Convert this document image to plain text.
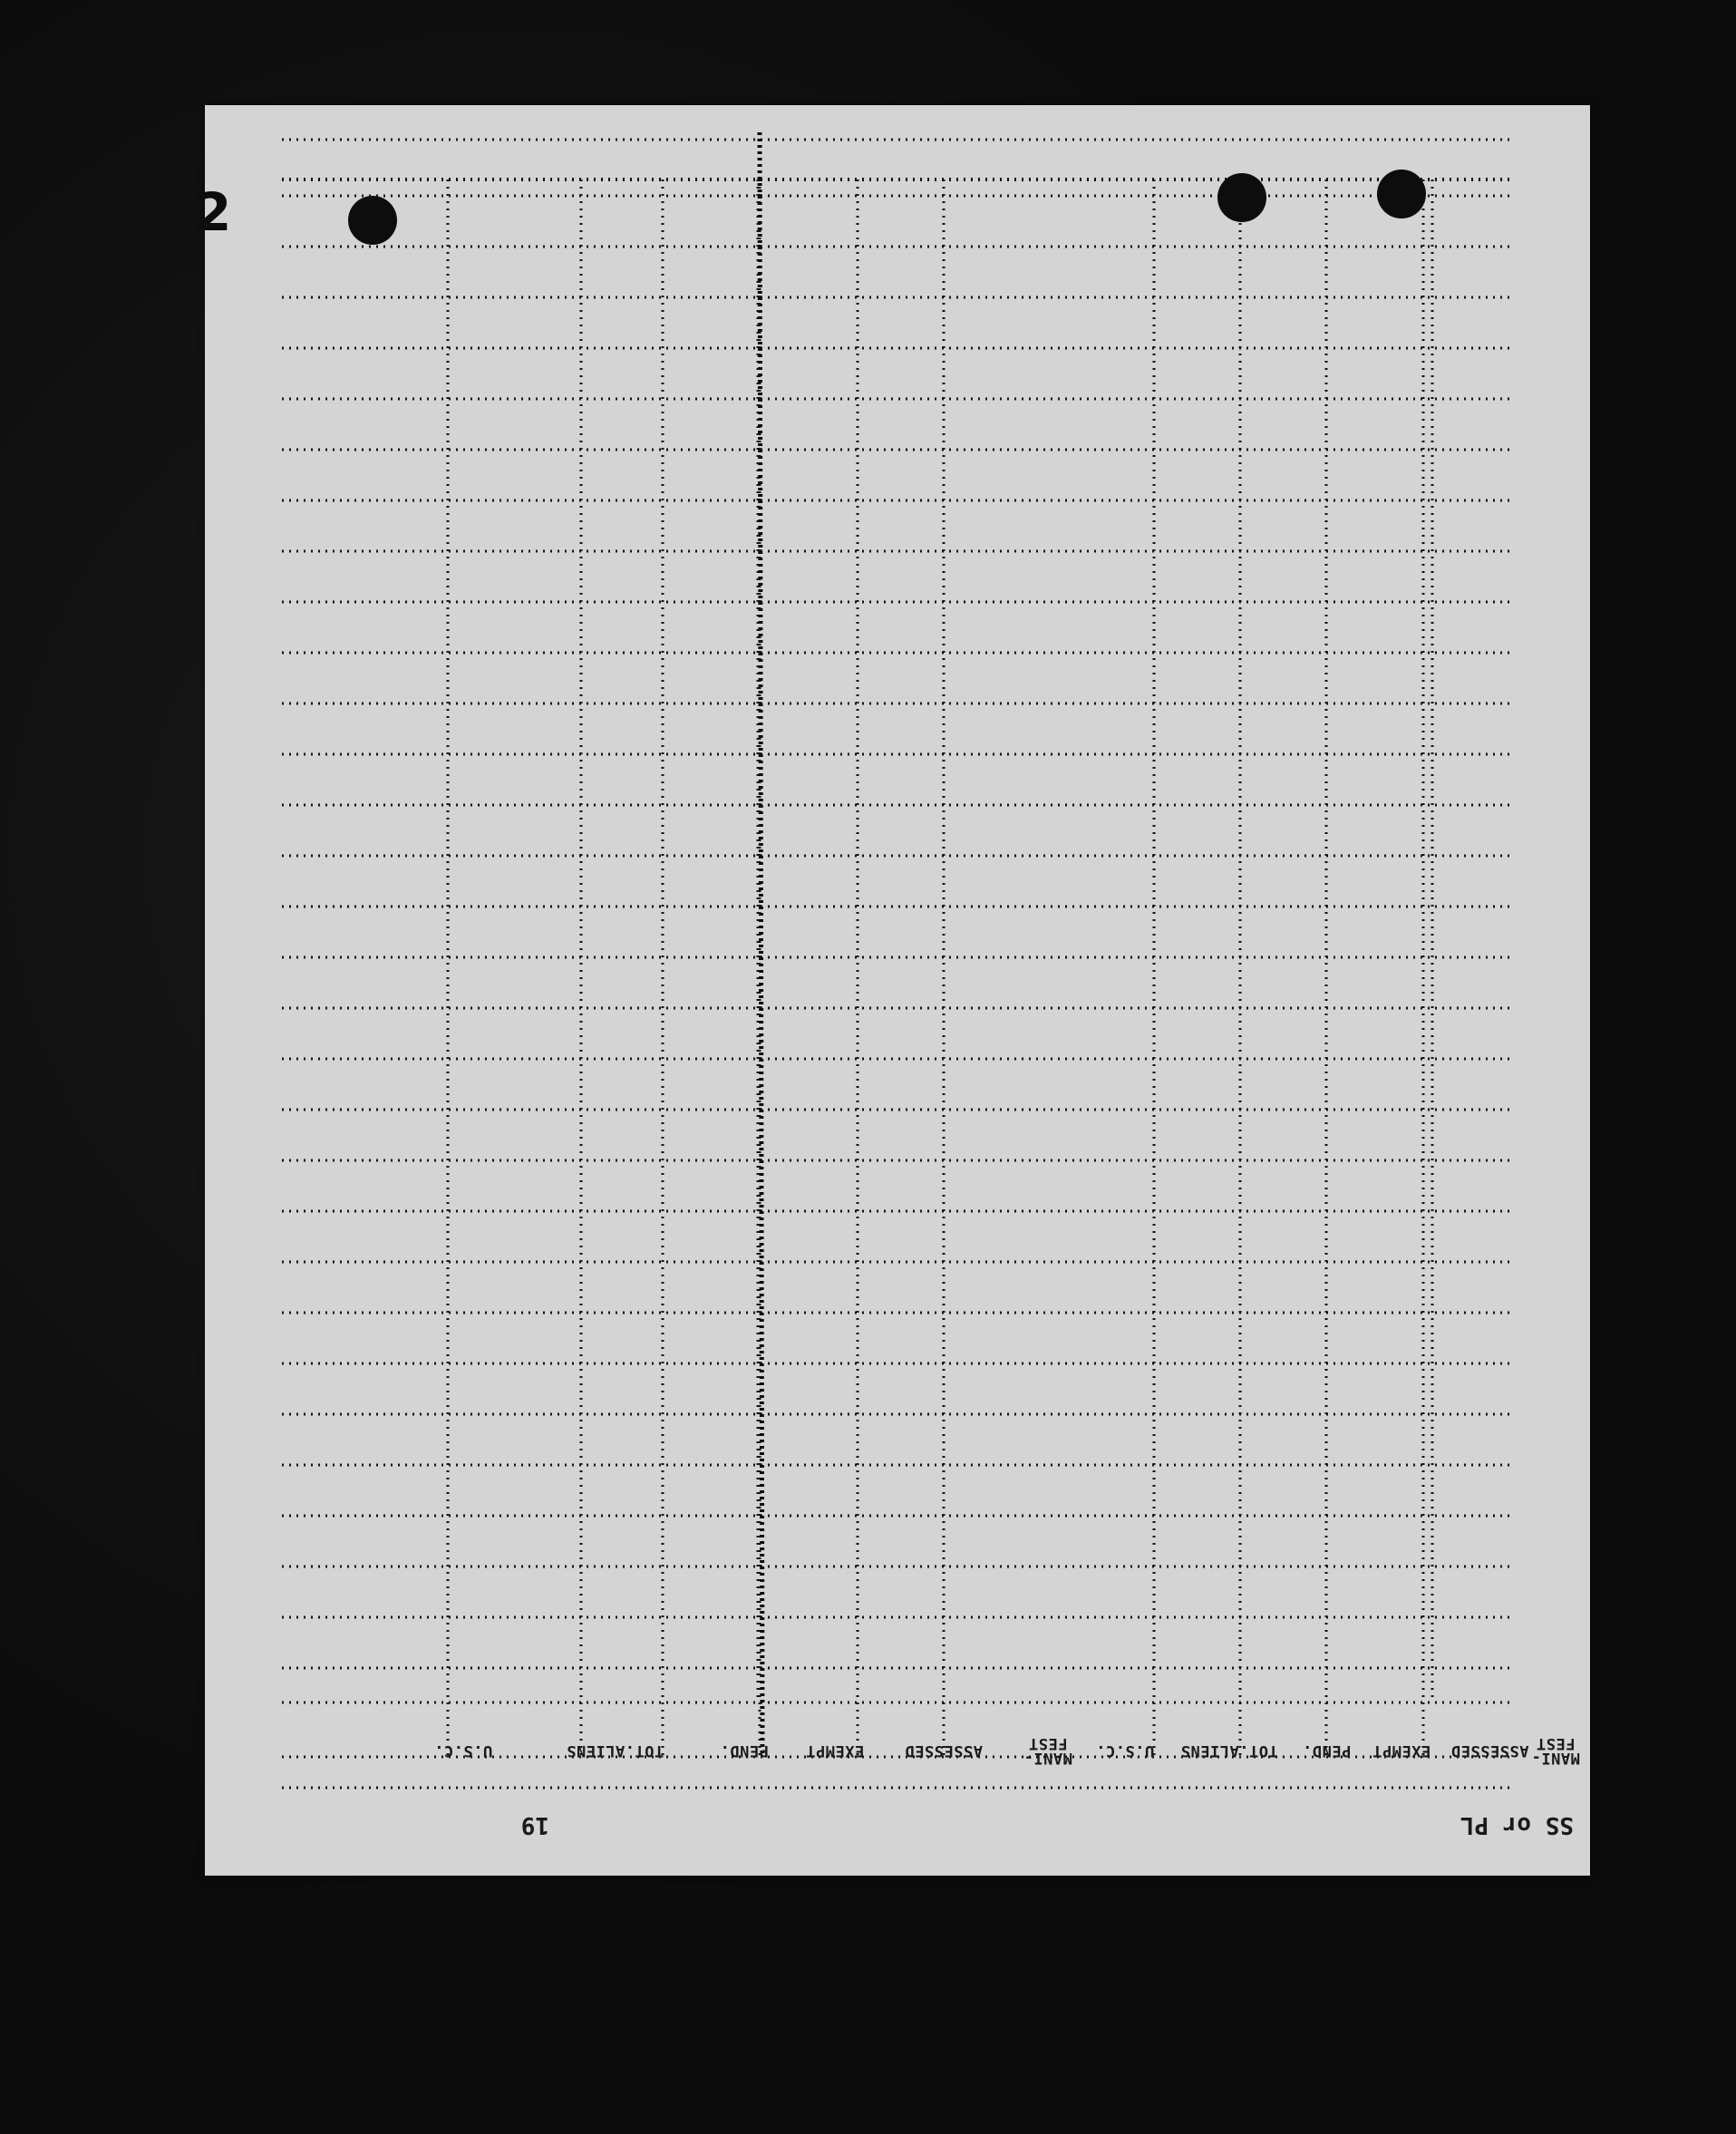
MANI-
FEST
ASSESSED
EXEMPT
PEND.
TOT.ALIENS
U.S.C.
MANI-
FEST
ASSESSED
EXEMPT
PEND.
TOT.ALIENS
U.S.C.
SS or PL
19
2
